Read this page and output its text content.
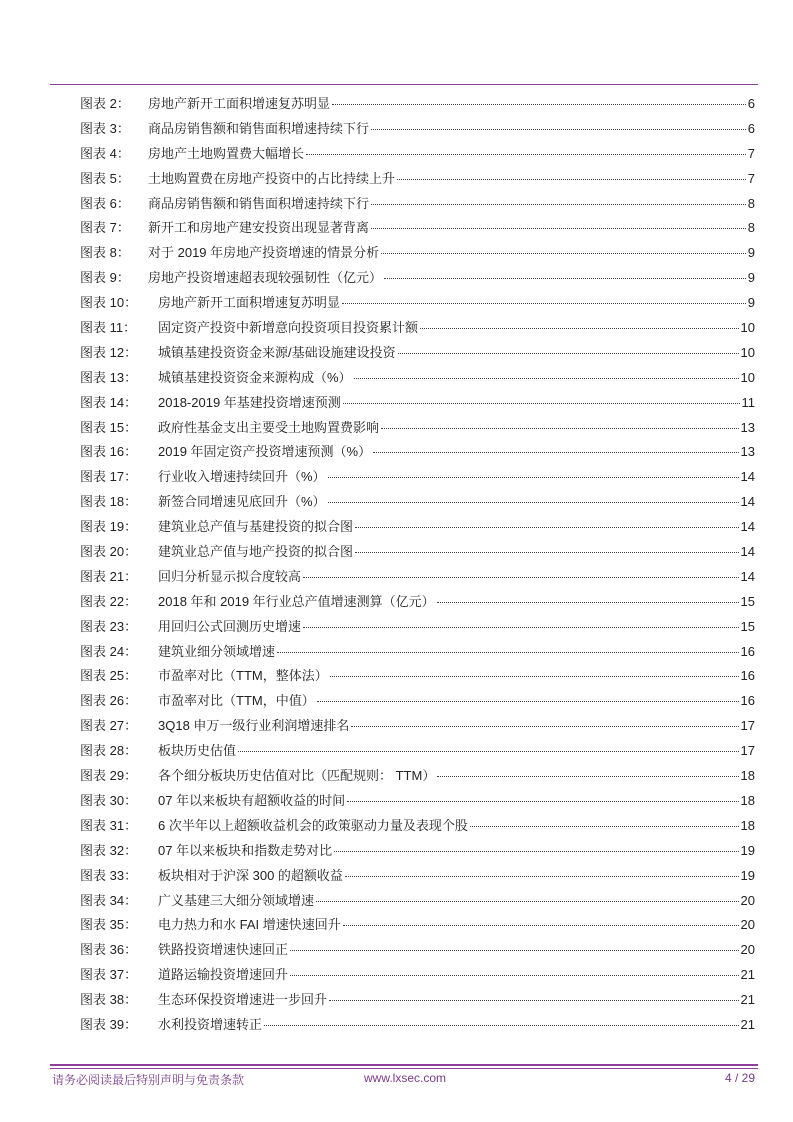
图表 2：	房地产新开工面积增速复苏明显	6
图表 3：	商品房销售额和销售面积增速持续下行	6
图表 4：	房地产土地购置费大幅增长	7
图表 5：	土地购置费在房地产投资中的占比持续上升	7
图表 6：	商品房销售额和销售面积增速持续下行	8
图表 7：	新开工和房地产建安投资出现显著背离	8
图表 8：	对于 2019 年房地产投资增速的情景分析	9
图表 9：	房地产投资增速超表现较强韧性（亿元）	9
图表 10：	房地产新开工面积增速复苏明显	9
图表 11：	固定资产投资中新增意向投资项目投资累计额	10
图表 12：	城镇基建投资资金来源/基础设施建设投资	10
图表 13：	城镇基建投资资金来源构成（%）	10
图表 14：	2018-2019 年基建投资增速预测	11
图表 15：	政府性基金支出主要受土地购置费影响	13
图表 16：	2019 年固定资产投资增速预测（%）	13
图表 17：	行业收入增速持续回升（%）	14
图表 18：	新签合同增速见底回升（%）	14
图表 19：	建筑业总产值与基建投资的拟合图	14
图表 20：	建筑业总产值与地产投资的拟合图	14
图表 21：	回归分析显示拟合度较高	14
图表 22：	2018 年和 2019 年行业总产值增速测算（亿元）	15
图表 23：	用回归公式回测历史增速	15
图表 24：	建筑业细分领域增速	16
图表 25：	市盈率对比（TTM，整体法）	16
图表 26：	市盈率对比（TTM，中值）	16
图表 27：	3Q18 申万一级行业利润增速排名	17
图表 28：	板块历史估值	17
图表 29：	各个细分板块历史估值对比（匹配规则： TTM）	18
图表 30：	07 年以来板块有超额收益的时间	18
图表 31：	6 次半年以上超额收益机会的政策驱动力量及表现个股	18
图表 32：	07 年以来板块和指数走势对比	19
图表 33：	板块相对于沪深 300 的超额收益	19
图表 34：	广义基建三大细分领域增速	20
图表 35：	电力热力和水 FAI 增速快速回升	20
图表 36：	铁路投资增速快速回正	20
图表 37：	道路运输投资增速回升	21
图表 38：	生态环保投资增速进一步回升	21
图表 39：	水利投资增速转正	21
请务必阅读最后特别声明与免责条款	www.lxsec.com	4 / 29
